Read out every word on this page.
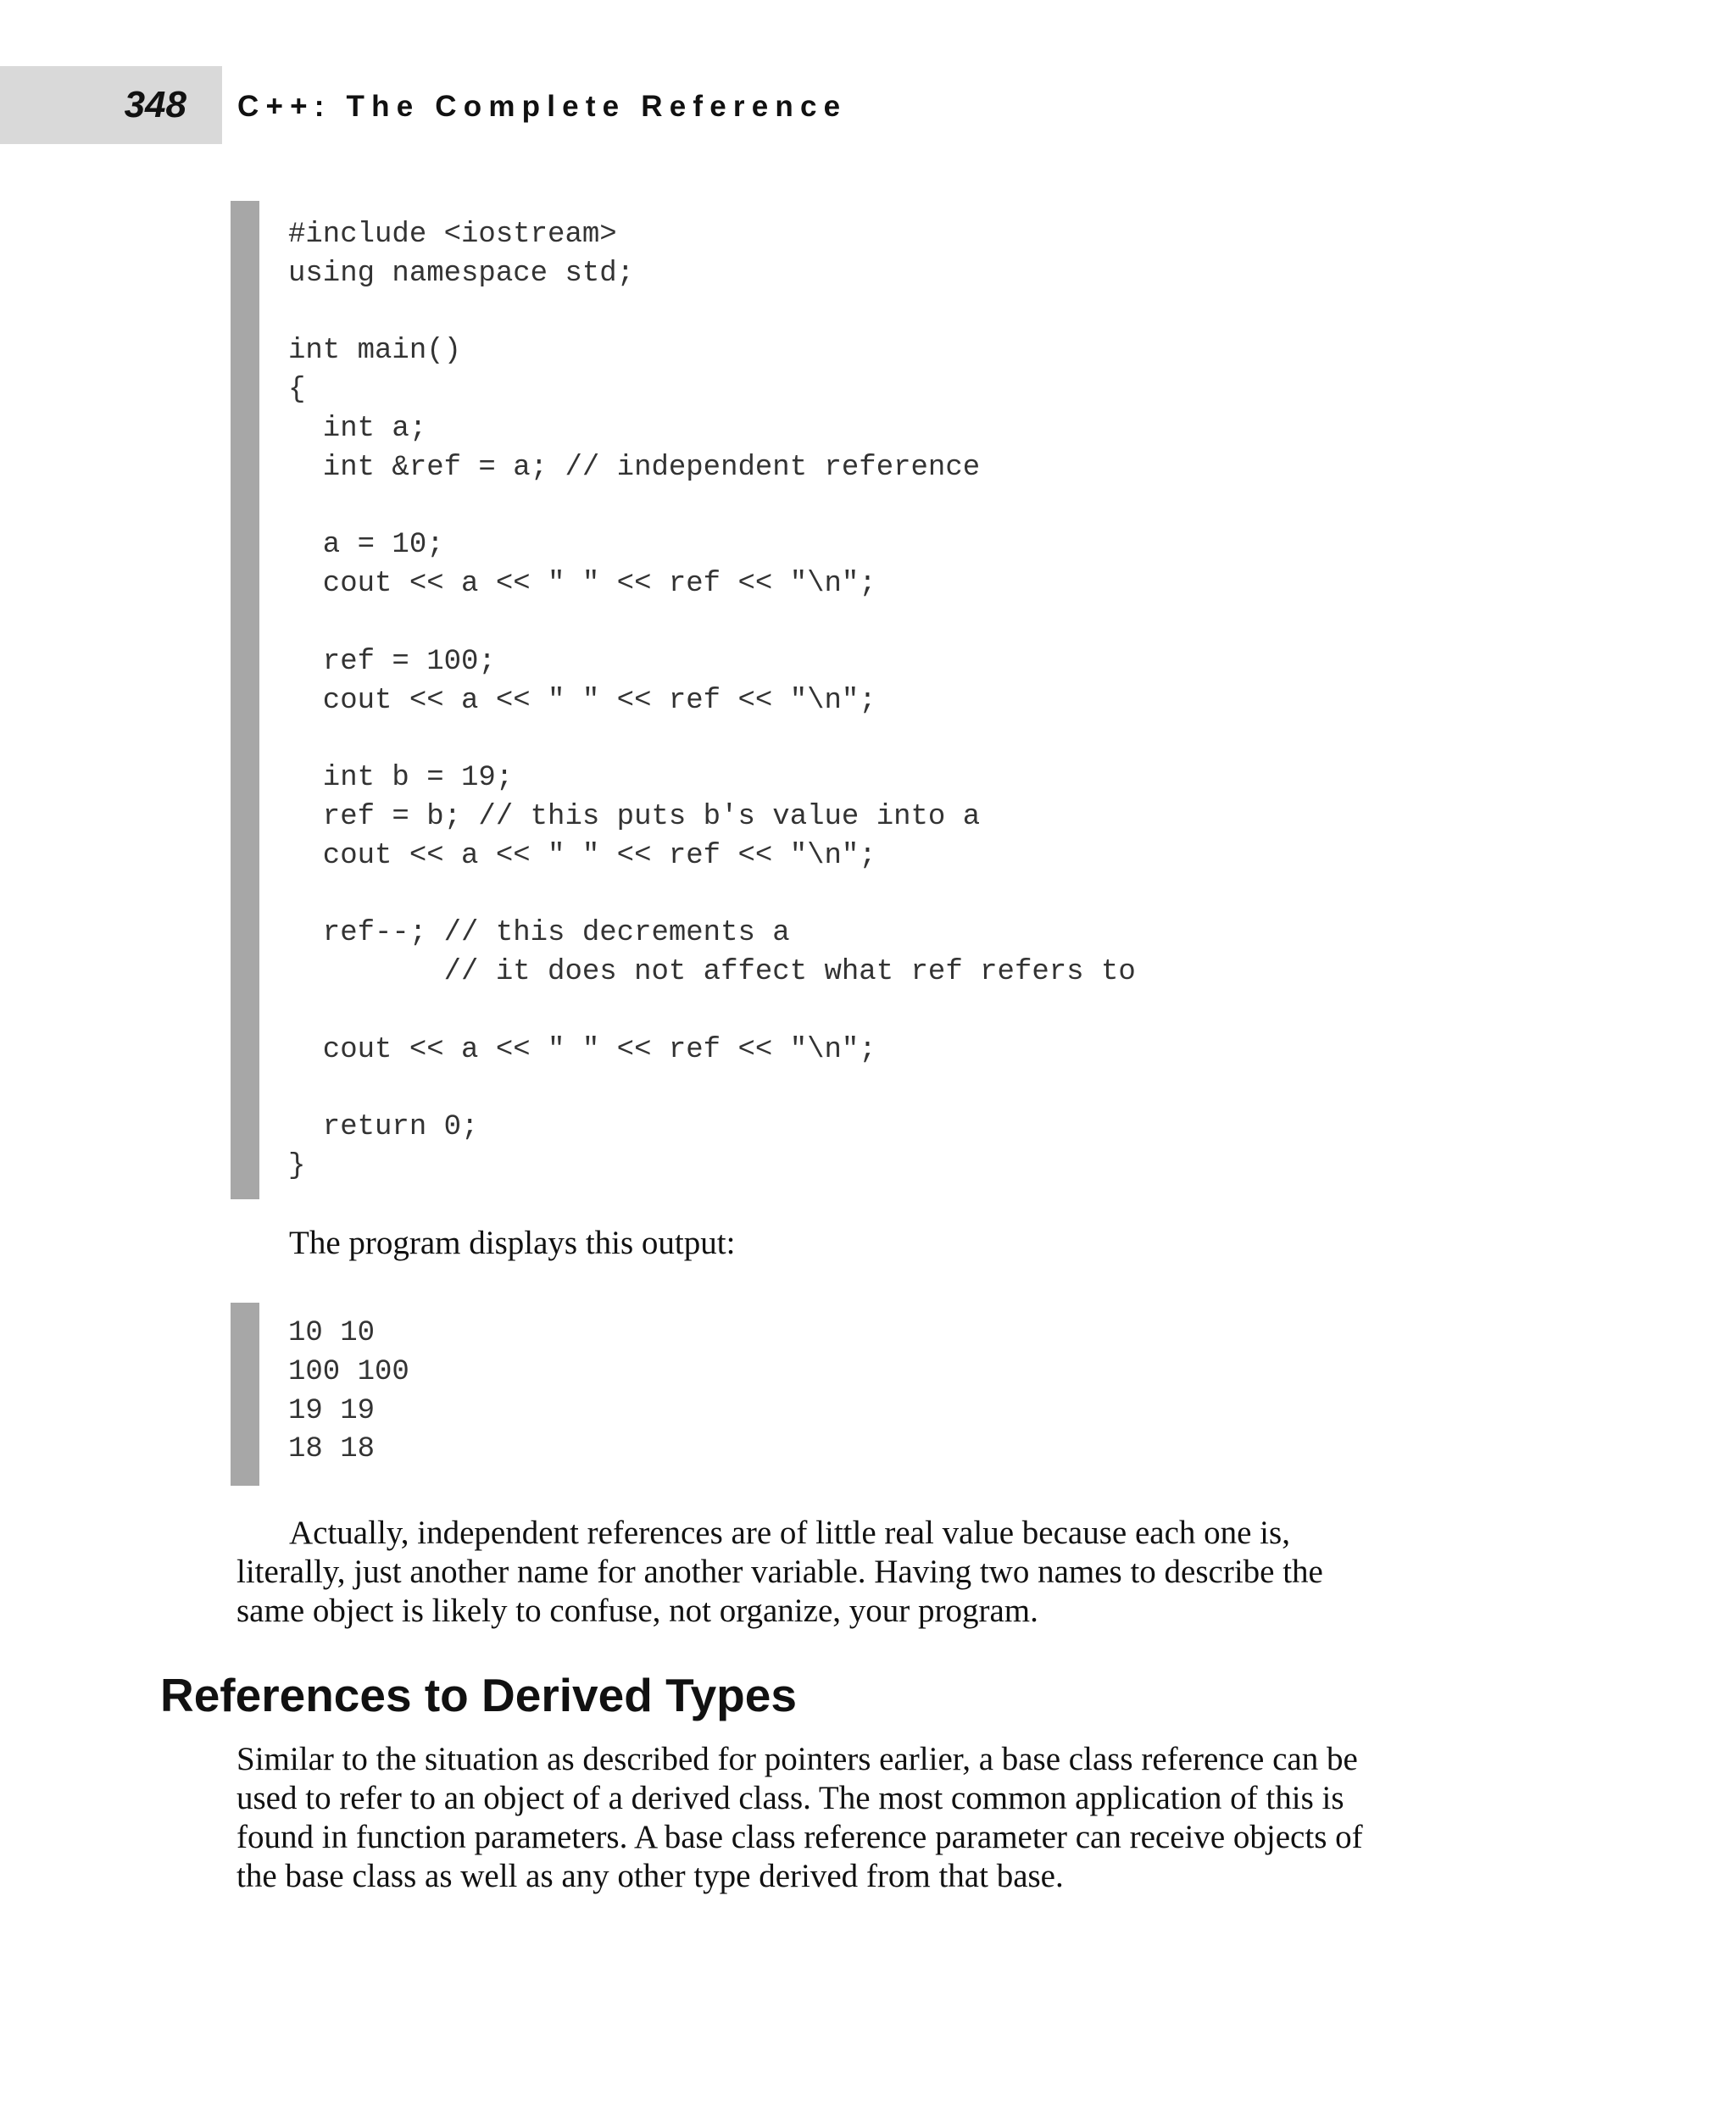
348 C++: The Complete Reference
#include <iostream>
using namespace std;

int main()
{
int a;
int &ref = a; // independent reference

a = 10;
cout << a << " " << ref << "\n";

ref = 100;
cout << a << " " << ref << "\n";

int b = 19;
ref = b; // this puts b's value into a
cout << a << " " << ref << "\n";

ref--; // this decrements a
// it does not affect what ref refers to

cout << a << " " << ref << "\n";

return 0;
}

The program displays this output:

10 10
100 100
19 19
18 18
Actually, independent references are of little real value because each one is,
literally, just another name for another variable. Having two names to describe the
same object is likely to confuse, not organize, your program.
References to Derived Types
Similar to the situation as described for pointers earlier, a base class reference can be
used to refer to an object of a derived class. The most common application of this is
found in function parameters. A base class reference parameter can receive objects of
the base class as well as any other type derived from that base.
